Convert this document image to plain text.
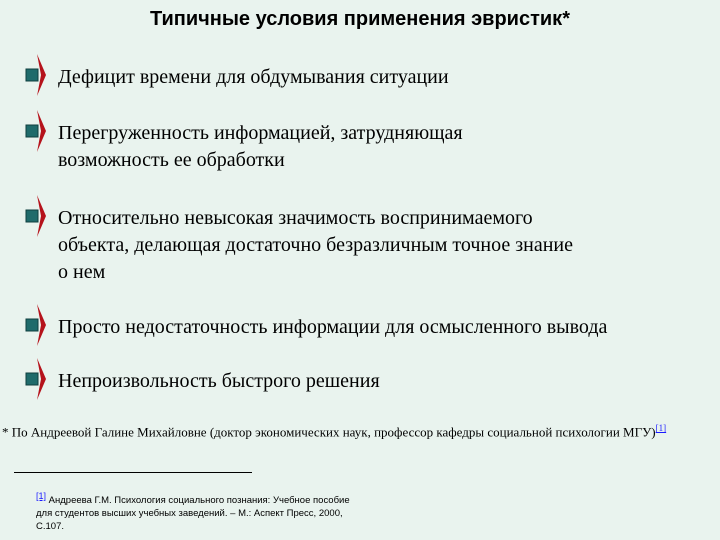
Типичные условия применения эвристик*
Дефицит времени для обдумывания ситуации
Перегруженность информацией, затрудняющая
возможность ее обработки
Относительно невысокая значимость воспринимаемого
объекта, делающая достаточно безразличным точное знание
о нем
Просто недостаточность информации для осмысленного вывода
Непроизвольность быстрого решения
* По Андреевой Галине Михайловне (доктор экономических наук, профессор кафедры социальной психологии МГУ)[1]
[1] Андреева Г.М. Психология социального познания: Учебное пособие для студентов высших учебных заведений. – М.: Аспект Пресс, 2000, С.107.
